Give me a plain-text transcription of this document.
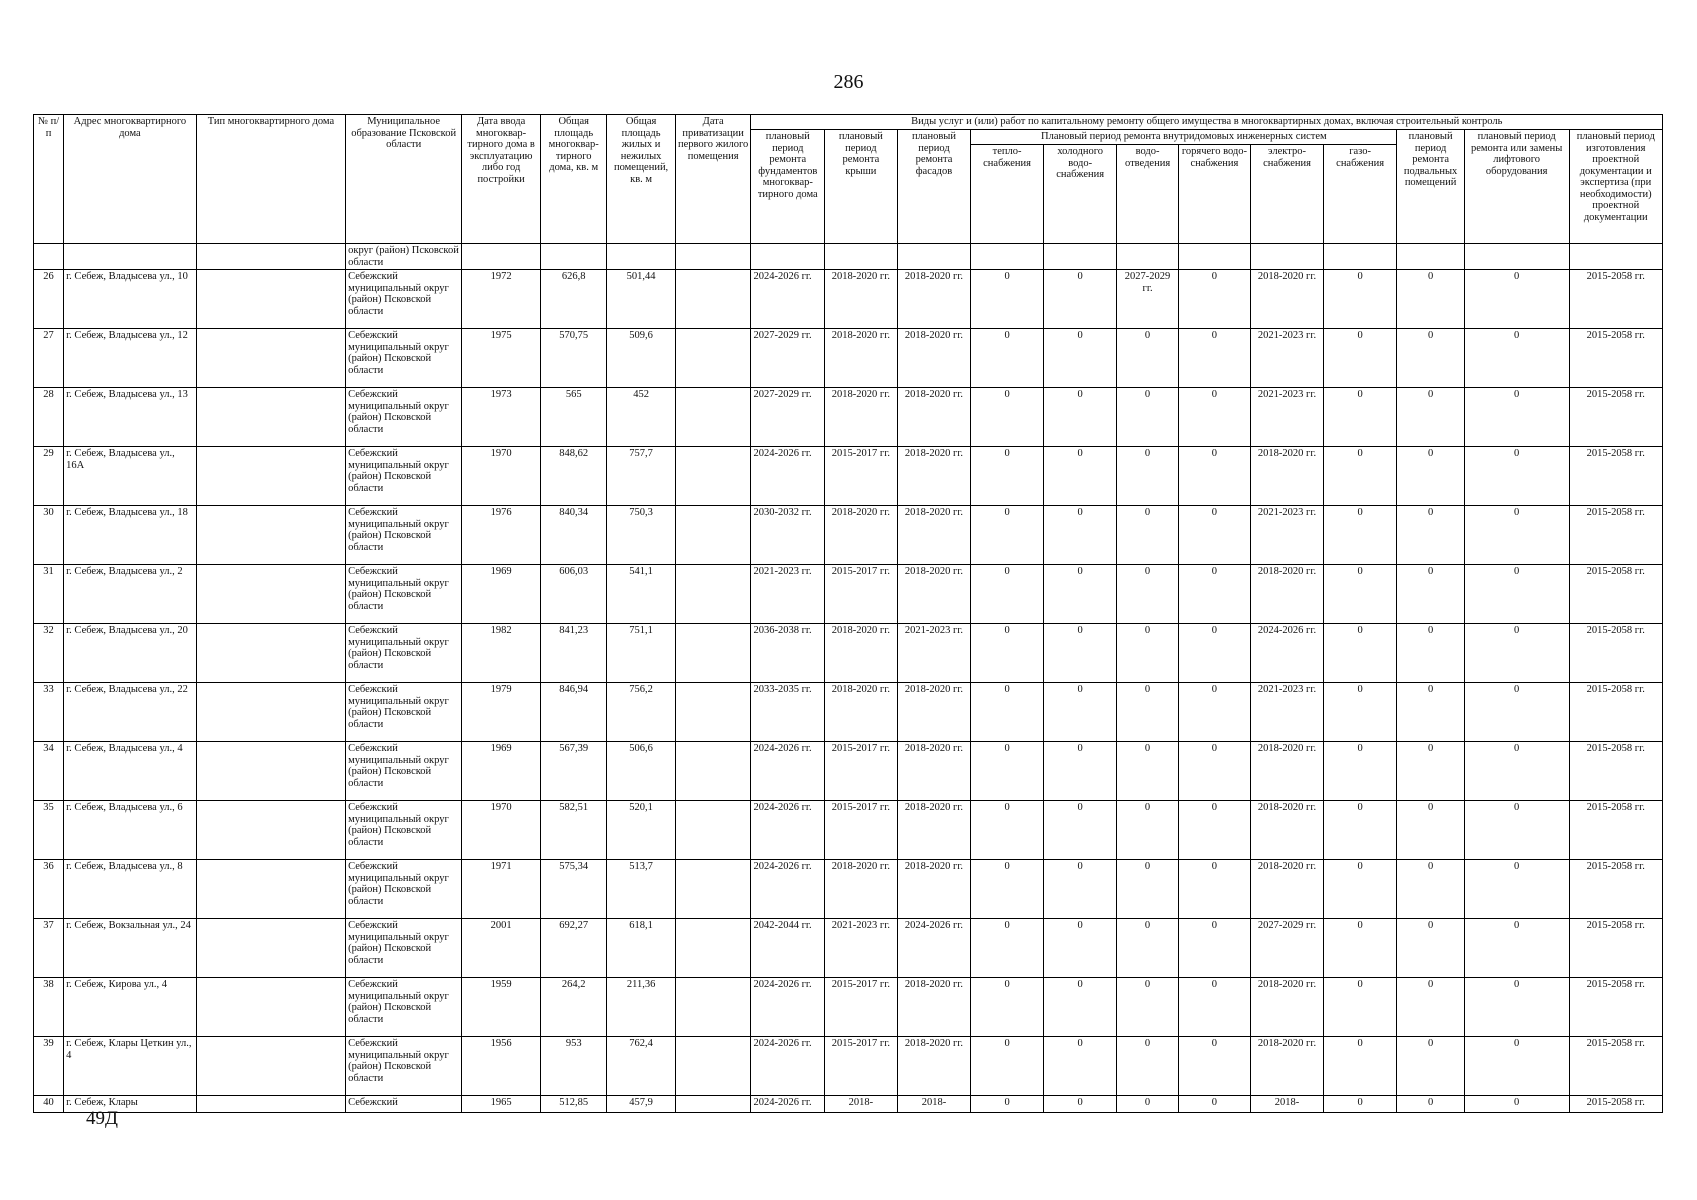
286
№ п/п	Адрес многоквартирного дома	Тип многоквартирного дома	Муниципальное образование Псковской области	Дата ввода многоквар-тирного дома в эксплуатацию либо год постройки	Общая площадь многоквар-тирного дома, кв. м	Общая площадь жилых и нежилых помещений, кв. м	Дата приватизации первого жилого помещения	Виды услуг и (или) работ по капитальному ремонту общего имущества в многоквартирных домах, включая строительный контроль											
								плановый период ремонта фундаментов многоквар-тирного дома	плановый период ремонта крыши	плановый период ремонта фасадов	Плановый период ремонта внутридомовых инженерных систем						плановый период ремонта подвальных помещений	плановый период ремонта или замены лифтового оборудования	плановый период изготовления проектной документации и экспертиза (при необходимости) проектной документации
											тепло-снабжения	холодного водо-снабжения	водо-отведения	горячего водо-снабжения	электро-снабжения	газо-снабжения			
			округ (район) Псковской области																
26	г. Себеж, Владысева ул., 10		Себежский муниципальный округ (район) Псковской области	1972	626,8	501,44		2024-2026 гг.	2018-2020 гг.	2018-2020 гг.	0	0	2027-2029 гг.	0	2018-2020 гг.	0	0	0	2015-2058 гг.
27	г. Себеж, Владысева ул., 12		Себежский муниципальный округ (район) Псковской области	1975	570,75	509,6		2027-2029 гг.	2018-2020 гг.	2018-2020 гг.	0	0	0	0	2021-2023 гг.	0	0	0	2015-2058 гг.
28	г. Себеж, Владысева ул., 13		Себежский муниципальный округ (район) Псковской области	1973	565	452		2027-2029 гг.	2018-2020 гг.	2018-2020 гг.	0	0	0	0	2021-2023 гг.	0	0	0	2015-2058 гг.
29	г. Себеж, Владысева ул., 16А		Себежский муниципальный округ (район) Псковской области	1970	848,62	757,7		2024-2026 гг.	2015-2017 гг.	2018-2020 гг.	0	0	0	0	2018-2020 гг.	0	0	0	2015-2058 гг.
30	г. Себеж, Владысева ул., 18		Себежский муниципальный округ (район) Псковской области	1976	840,34	750,3		2030-2032 гг.	2018-2020 гг.	2018-2020 гг.	0	0	0	0	2021-2023 гг.	0	0	0	2015-2058 гг.
31	г. Себеж, Владысева ул., 2		Себежский муниципальный округ (район) Псковской области	1969	606,03	541,1		2021-2023 гг.	2015-2017 гг.	2018-2020 гг.	0	0	0	0	2018-2020 гг.	0	0	0	2015-2058 гг.
32	г. Себеж, Владысева ул., 20		Себежский муниципальный округ (район) Псковской области	1982	841,23	751,1		2036-2038 гг.	2018-2020 гг.	2021-2023 гг.	0	0	0	0	2024-2026 гг.	0	0	0	2015-2058 гг.
33	г. Себеж, Владысева ул., 22		Себежский муниципальный округ (район) Псковской области	1979	846,94	756,2		2033-2035 гг.	2018-2020 гг.	2018-2020 гг.	0	0	0	0	2021-2023 гг.	0	0	0	2015-2058 гг.
34	г. Себеж, Владысева ул., 4		Себежский муниципальный округ (район) Псковской области	1969	567,39	506,6		2024-2026 гг.	2015-2017 гг.	2018-2020 гг.	0	0	0	0	2018-2020 гг.	0	0	0	2015-2058 гг.
35	г. Себеж, Владысева ул., 6		Себежский муниципальный округ (район) Псковской области	1970	582,51	520,1		2024-2026 гг.	2015-2017 гг.	2018-2020 гг.	0	0	0	0	2018-2020 гг.	0	0	0	2015-2058 гг.
36	г. Себеж, Владысева ул., 8		Себежский муниципальный округ (район) Псковской области	1971	575,34	513,7		2024-2026 гг.	2018-2020 гг.	2018-2020 гг.	0	0	0	0	2018-2020 гг.	0	0	0	2015-2058 гг.
37	г. Себеж, Вокзальная ул., 24		Себежский муниципальный округ (район) Псковской области	2001	692,27	618,1		2042-2044 гг.	2021-2023 гг.	2024-2026 гг.	0	0	0	0	2027-2029 гг.	0	0	0	2015-2058 гг.
38	г. Себеж, Кирова ул., 4		Себежский муниципальный округ (район) Псковской области	1959	264,2	211,36		2024-2026 гг.	2015-2017 гг.	2018-2020 гг.	0	0	0	0	2018-2020 гг.	0	0	0	2015-2058 гг.
39	г. Себеж, Клары Цеткин ул., 4		Себежский муниципальный округ (район) Псковской области	1956	953	762,4		2024-2026 гг.	2015-2017 гг.	2018-2020 гг.	0	0	0	0	2018-2020 гг.	0	0	0	2015-2058 гг.
40	г. Себеж, Клары		Себежский	1965	512,85	457,9		2024-2026 гг.	2018-	2018-	0	0	0	0	2018-	0	0	0	2015-2058 гг.
49Д
